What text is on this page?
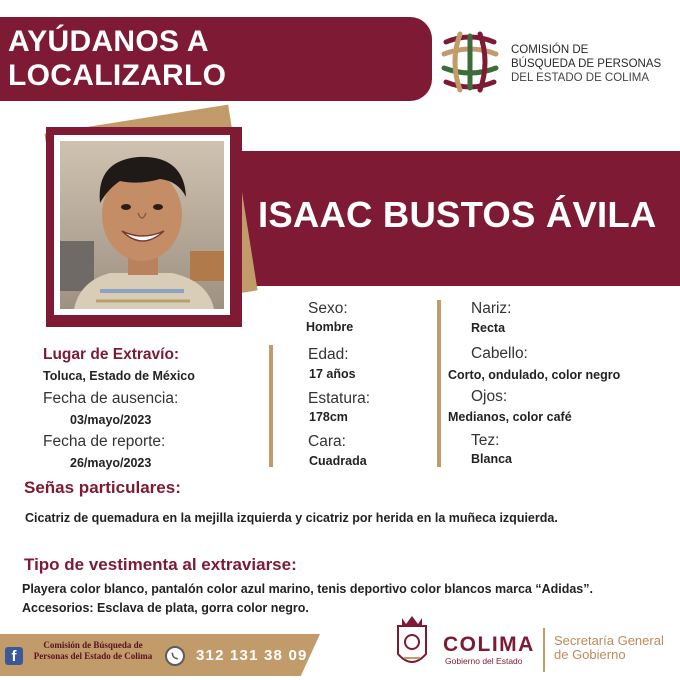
AYÚDANOS A LOCALIZARLO
COMISIÓN DE
BÚSQUEDA DE PERSONAS
DEL ESTADO DE COLIMA
ISAAC BUSTOS ÁVILA
Lugar de Extravío:
Toluca, Estado de México
Fecha de ausencia:
03/mayo/2023
Fecha de reporte:
26/mayo/2023
Sexo:
Hombre
Edad:
17 años
Estatura:
178cm
Cara:
Cuadrada
Nariz:
Recta
Cabello:
Corto, ondulado, color negro
Ojos:
Medianos, color café
Tez:
Blanca
Señas particulares:
Cicatriz de quemadura en la mejilla izquierda y cicatriz por herida en la muñeca izquierda.
Tipo de vestimenta al extraviarse:
Playera color blanco, pantalón color azul marino, tenis deportivo color blancos marca “Adidas”.
Accesorios: Esclava de plata, gorra color negro.
f
Comisión de Búsqueda de Personas del Estado de Colima	312 131 38 09	COLIMA
Gobierno del Estado
Secretaría General de Gobierno
